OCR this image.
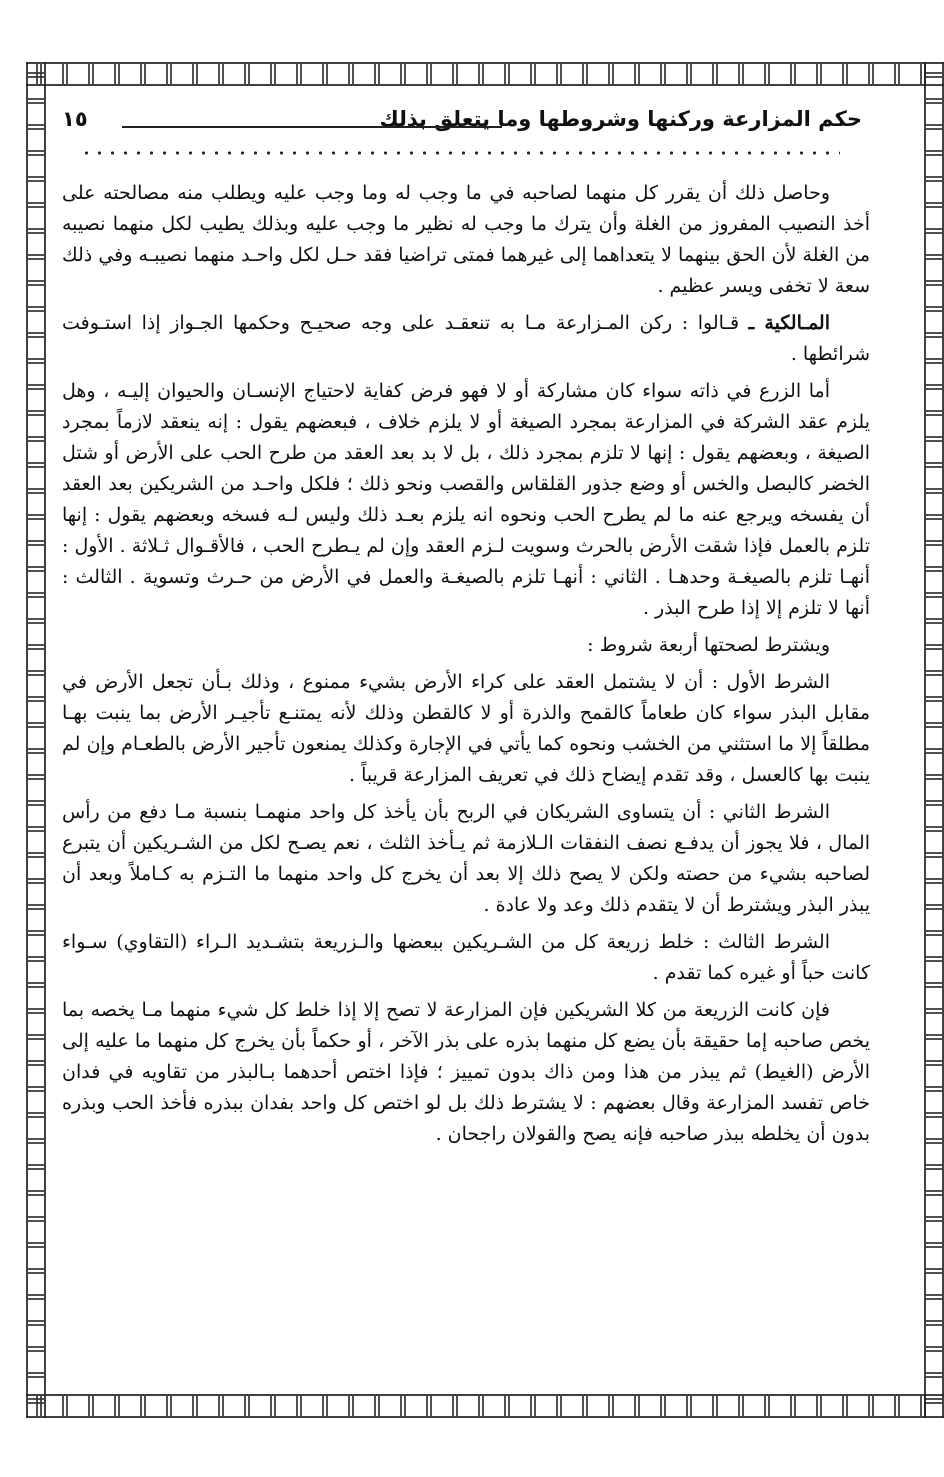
حكم المزارعة وركنها وشروطها وما يتعلق بذلك
١٥

وحاصل ذلك أن يقرر كل منهما لصاحبه في ما وجب له وما وجب عليه ويطلب منه مصالحته على أخذ النصيب المفروز من الغلة وأن يترك ما وجب له نظير ما وجب عليه وبذلك يطيب لكل منهما نصيبه من الغلة لأن الحق بينهما لا يتعداهما إلى غيرهما فمتى تراضيا فقد حـل لكل واحـد منهما نصيبـه وفي ذلك سعة لا تخفى ويسر عظيم .

المـالكية ـ قـالوا : ركن المـزارعة مـا به تنعقـد على وجه صحيـح وحكمها الجـواز إذا استـوفت شرائطها .

أما الزرع في ذاته سواء كان مشاركة أو لا فهو فرض كفاية لاحتياج الإنسـان والحيوان إليـه ، وهل يلزم عقد الشركة في المزارعة بمجرد الصيغة أو لا يلزم خلاف ، فبعضهم يقول : إنه ينعقد لازماً بمجرد الصيغة ، وبعضهم يقول : إنها لا تلزم بمجرد ذلك ، بل لا بد بعد العقد من طرح الحب على الأرض أو شتل الخضر كالبصل والخس أو وضع جذور القلقاس والقصب ونحو ذلك ؛ فلكل واحـد من الشريكين بعد العقد أن يفسخه ويرجع عنه ما لم يطرح الحب ونحوه انه يلزم بعـد ذلك وليس لـه فسخه وبعضهم يقول : إنها تلزم بالعمل فإذا شقت الأرض بالحرث وسويت لـزم العقد وإن لم يـطرح الحب ، فالأقـوال ثـلاثة . الأول : أنهـا تلزم بالصيغـة وحدهـا . الثاني : أنهـا تلزم بالصيغـة والعمل في الأرض من حـرث وتسوية . الثالث : أنها لا تلزم إلا إذا طرح البذر .

ويشترط لصحتها أربعة شروط :

الشرط الأول : أن لا يشتمل العقد على كراء الأرض بشيء ممنوع ، وذلك بـأن تجعل الأرض في مقابل البذر سواء كان طعاماً كالقمح والذرة أو لا كالقطن وذلك لأنه يمتنـع تأجيـر الأرض بما ينبت بهـا مطلقاً إلا ما استثني من الخشب ونحوه كما يأتي في الإجارة وكذلك يمنعون تأجير الأرض بالطعـام وإن لم ينبت بها كالعسل ، وقد تقدم إيضاح ذلك في تعريف المزارعة قريباً .

الشرط الثاني : أن يتساوى الشريكان في الربح بأن يأخذ كل واحد منهمـا بنسبة مـا دفع من رأس المال ، فلا يجوز أن يدفـع نصف النفقات الـلازمة ثم يـأخذ الثلث ، نعم يصـح لكل من الشـريكين أن يتبرع لصاحبه بشيء من حصته ولكن لا يصح ذلك إلا بعد أن يخرج كل واحد منهما ما التـزم به كـاملاً وبعد أن يبذر البذر ويشترط أن لا يتقدم ذلك وعد ولا عادة .

الشرط الثالث : خلط زريعة كل من الشـريكين ببعضها والـزريعة بتشـديد الـراء (التقاوي) سـواء كانت حباً أو غيره كما تقدم .

فإن كانت الزريعة من كلا الشريكين فإن المزارعة لا تصح إلا إذا خلط كل شيء منهما مـا يخصه بما يخص صاحبه إما حقيقة بأن يضع كل منهما بذره على بذر الآخر ، أو حكماً بأن يخرج كل منهما ما عليه إلى الأرض (الغيط) ثم يبذر من هذا ومن ذاك بدون تمييز ؛ فإذا اختص أحدهما بـالبذر من تقاويه في فدان خاص تفسد المزارعة وقال بعضهم : لا يشترط ذلك بل لو اختص كل واحد بفدان ببذره فأخذ الحب وبذره بدون أن يخلطه ببذر صاحبه فإنه يصح والقولان راجحان .
